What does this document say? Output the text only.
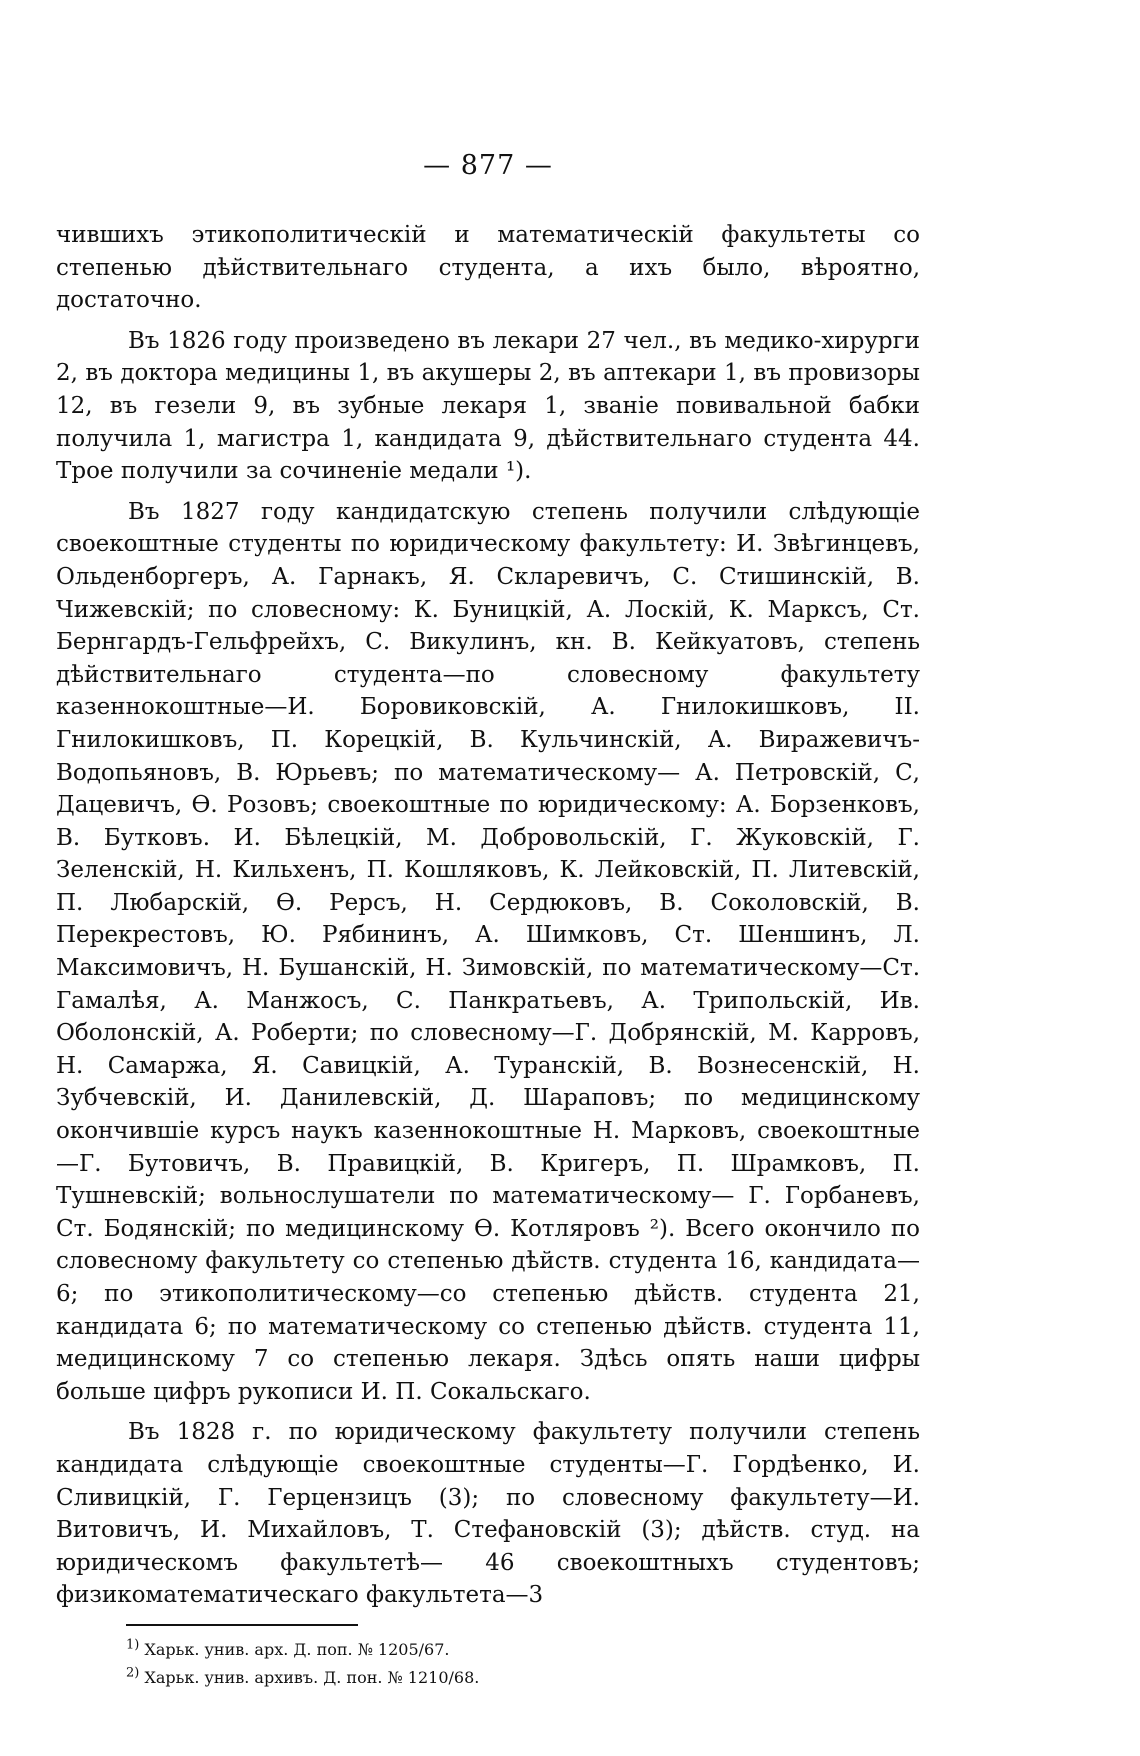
— 877 —

чившихъ этикополитическій и математическій факультеты со степенью дѣйствительнаго студента, а ихъ было, вѣроятно, достаточно.

Въ 1826 году произведено въ лекари 27 чел., въ медико-хирурги 2, въ доктора медицины 1, въ акушеры 2, въ аптекари 1, въ провизоры 12, въ гезели 9, въ зубные лекаря 1, званіе повивальной бабки получила 1, магистра 1, кандидата 9, дѣйствительнаго студента 44. Трое получили за сочиненіе медали ¹).

Въ 1827 году кандидатскую степень получили слѣдующіе своекоштные студенты по юридическому факультету: И. Звѣгинцевъ, Ольденборгеръ, А. Гарнакъ, Я. Скларевичъ, С. Стишинскій, В. Чижевскій; по словесному: К. Буницкій, А. Лоскій, К. Марксъ, Ст. Бернгардъ-Гельфрейхъ, С. Викулинъ, кн. В. Кейкуатовъ, степень дѣйствительнаго студента—по словесному факультету казеннокоштные—И. Боровиковскій, А. Гнилокишковъ, II. Гнилокишковъ, П. Корецкій, В. Кульчинскій, А. Виражевичъ-Водопьяновъ, В. Юрьевъ; по математическому— А. Петровскій, С, Дацевичъ, Ѳ. Розовъ; своекоштные по юридическому: А. Борзенковъ, В. Бутковъ. И. Бѣлецкій, М. Добровольскій, Г. Жуковскій, Г. Зеленскій, Н. Кильхенъ, П. Кошляковъ, К. Лейковскій, П. Литевскій, П. Любарскій, Ѳ. Рерсъ, Н. Сердюковъ, В. Соколовскій, В. Перекрестовъ, Ю. Рябининъ, А. Шимковъ, Ст. Шеншинъ, Л. Максимовичъ, Н. Бушанскій, Н. Зимовскій, по математическому—Ст. Гамалѣя, А. Манжосъ, С. Панкратьевъ, А. Трипольскій, Ив. Оболонскій, А. Роберти; по словесному—Г. Добрянскій, М. Карровъ, Н. Самаржа, Я. Савицкій, А. Туранскій, В. Вознесенскій, Н. Зубчевскій, И. Данилевскій, Д. Шараповъ; по медицинскому окончившіе курсъ наукъ казеннокоштные Н. Марковъ, своекоштные—Г. Бутовичъ, В. Правицкій, В. Кригеръ, П. Шрамковъ, П. Тушневскій; вольнослушатели по математическому— Г. Горбаневъ, Ст. Бодянскій; по медицинскому Ѳ. Котляровъ ²). Всего окончило по словесному факультету со степенью дѣйств. студента 16, кандидата—6; по этикополитическому—со степенью дѣйств. студента 21, кандидата 6; по математическому со степенью дѣйств. студента 11, медицинскому 7 со степенью лекаря. Здѣсь опять наши цифры больше цифръ рукописи И. П. Сокальскаго.

Въ 1828 г. по юридическому факультету получили степень кандидата слѣдующіе своекоштные студенты—Г. Гордѣенко, И. Сливицкій, Г. Герцензицъ (3); по словесному факультету—И. Витовичъ, И. Михайловъ, Т. Стефановскій (3); дѣйств. студ. на юридическомъ факультетѣ— 46 своекоштныхъ студентовъ; физикоматематическаго факультета—3

$^{1)}$ Харьк. унив. арх. Д. поп. № 1205/67.
$^{2)}$ Харьк. унив. архивъ. Д. пон. № 1210/68.
